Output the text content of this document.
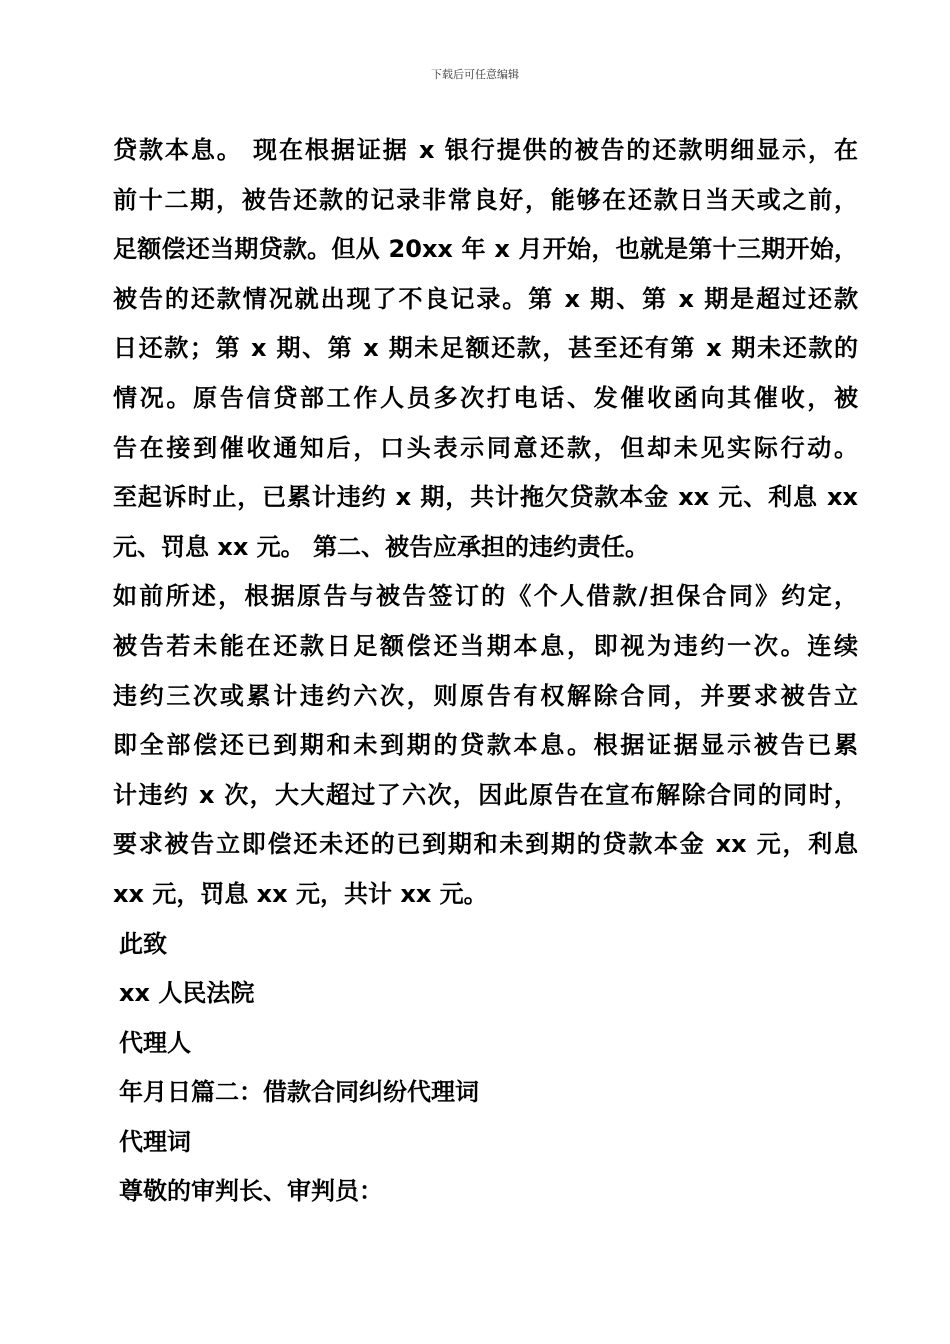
下载后可任意编辑
贷款本息。 现在根据证据 x 银行提供的被告的还款明细显示，在
前十二期，被告还款的记录非常良好，能够在还款日当天或之前，
足额偿还当期贷款。但从 20xx 年 x 月开始，也就是第十三期开始，
被告的还款情况就出现了不良记录。第 x 期、第 x 期是超过还款
日还款；第 x 期、第 x 期未足额还款，甚至还有第 x 期未还款的
情况。原告信贷部工作人员多次打电话、发催收函向其催收，被
告在接到催收通知后，口头表示同意还款，但却未见实际行动。
至起诉时止，已累计违约 x 期，共计拖欠贷款本金 xx 元、利息 xx
元、罚息 xx 元。 第二、被告应承担的违约责任。
如前所述，根据原告与被告签订的《个人借款/担保合同》约定，
被告若未能在还款日足额偿还当期本息，即视为违约一次。连续
违约三次或累计违约六次，则原告有权解除合同，并要求被告立
即全部偿还已到期和未到期的贷款本息。根据证据显示被告已累
计违约 x 次，大大超过了六次，因此原告在宣布解除合同的同时，
要求被告立即偿还未还的已到期和未到期的贷款本金 xx 元，利息
xx 元，罚息 xx 元，共计 xx 元。
此致
xx 人民法院
代理人
年月日篇二：借款合同纠纷代理词
代理词
尊敬的审判长、审判员：
